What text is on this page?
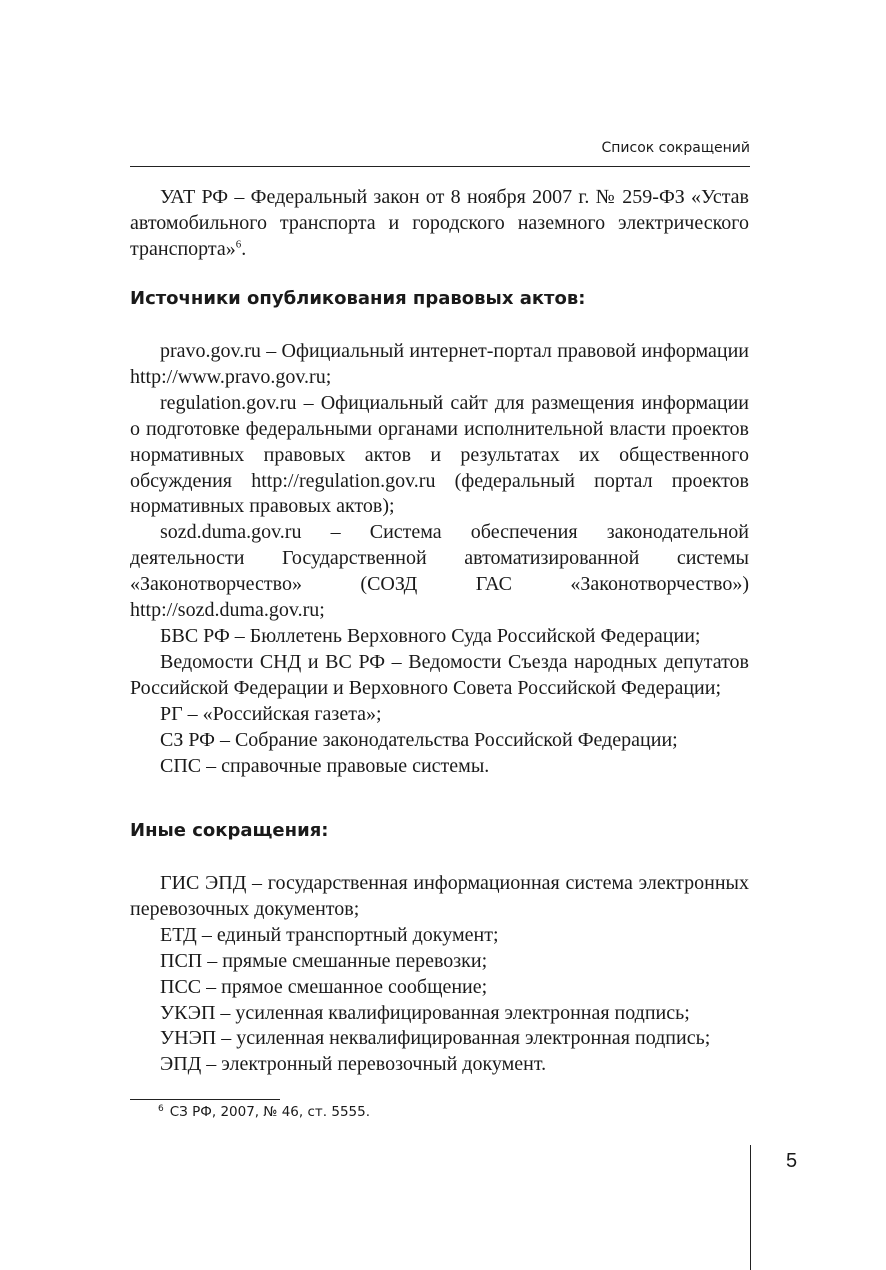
Список сокращений

УАТ РФ – Федеральный закон от 8 ноября 2007 г. № 259-ФЗ «Устав автомобильного транспорта и городского наземного электрического транспорта»$^6$.

Источники опубликования правовых актов:

pravo.gov.ru – Официальный интернет-портал правовой информации http://www.pravo.gov.ru;

regulation.gov.ru – Официальный сайт для размещения информации о подготовке федеральными органами исполнительной власти проектов нормативных правовых актов и результатах их общественного обсуждения http://regulation.gov.ru (федеральный портал проектов нормативных правовых актов);

sozd.duma.gov.ru – Система обеспечения законодательной деятельности Государственной автоматизированной системы «Законотворчество» (СОЗД ГАС «Законотворчество») http://sozd.duma.gov.ru;

БВС РФ – Бюллетень Верховного Суда Российской Федерации;

Ведомости СНД и ВС РФ – Ведомости Съезда народных депутатов Российской Федерации и Верховного Совета Российской Федерации;

РГ – «Российская газета»;

СЗ РФ – Собрание законодательства Российской Федерации;

СПС – справочные правовые системы.

Иные сокращения:

ГИС ЭПД – государственная информационная система электронных перевозочных документов;

ЕТД – единый транспортный документ;

ПСП – прямые смешанные перевозки;

ПСС – прямое смешанное сообщение;

УКЭП – усиленная квалифицированная электронная подпись;

УНЭП – усиленная неквалифицированная электронная подпись;

ЭПД – электронный перевозочный документ.

$^6$ СЗ РФ, 2007, № 46, ст. 5555.
5
